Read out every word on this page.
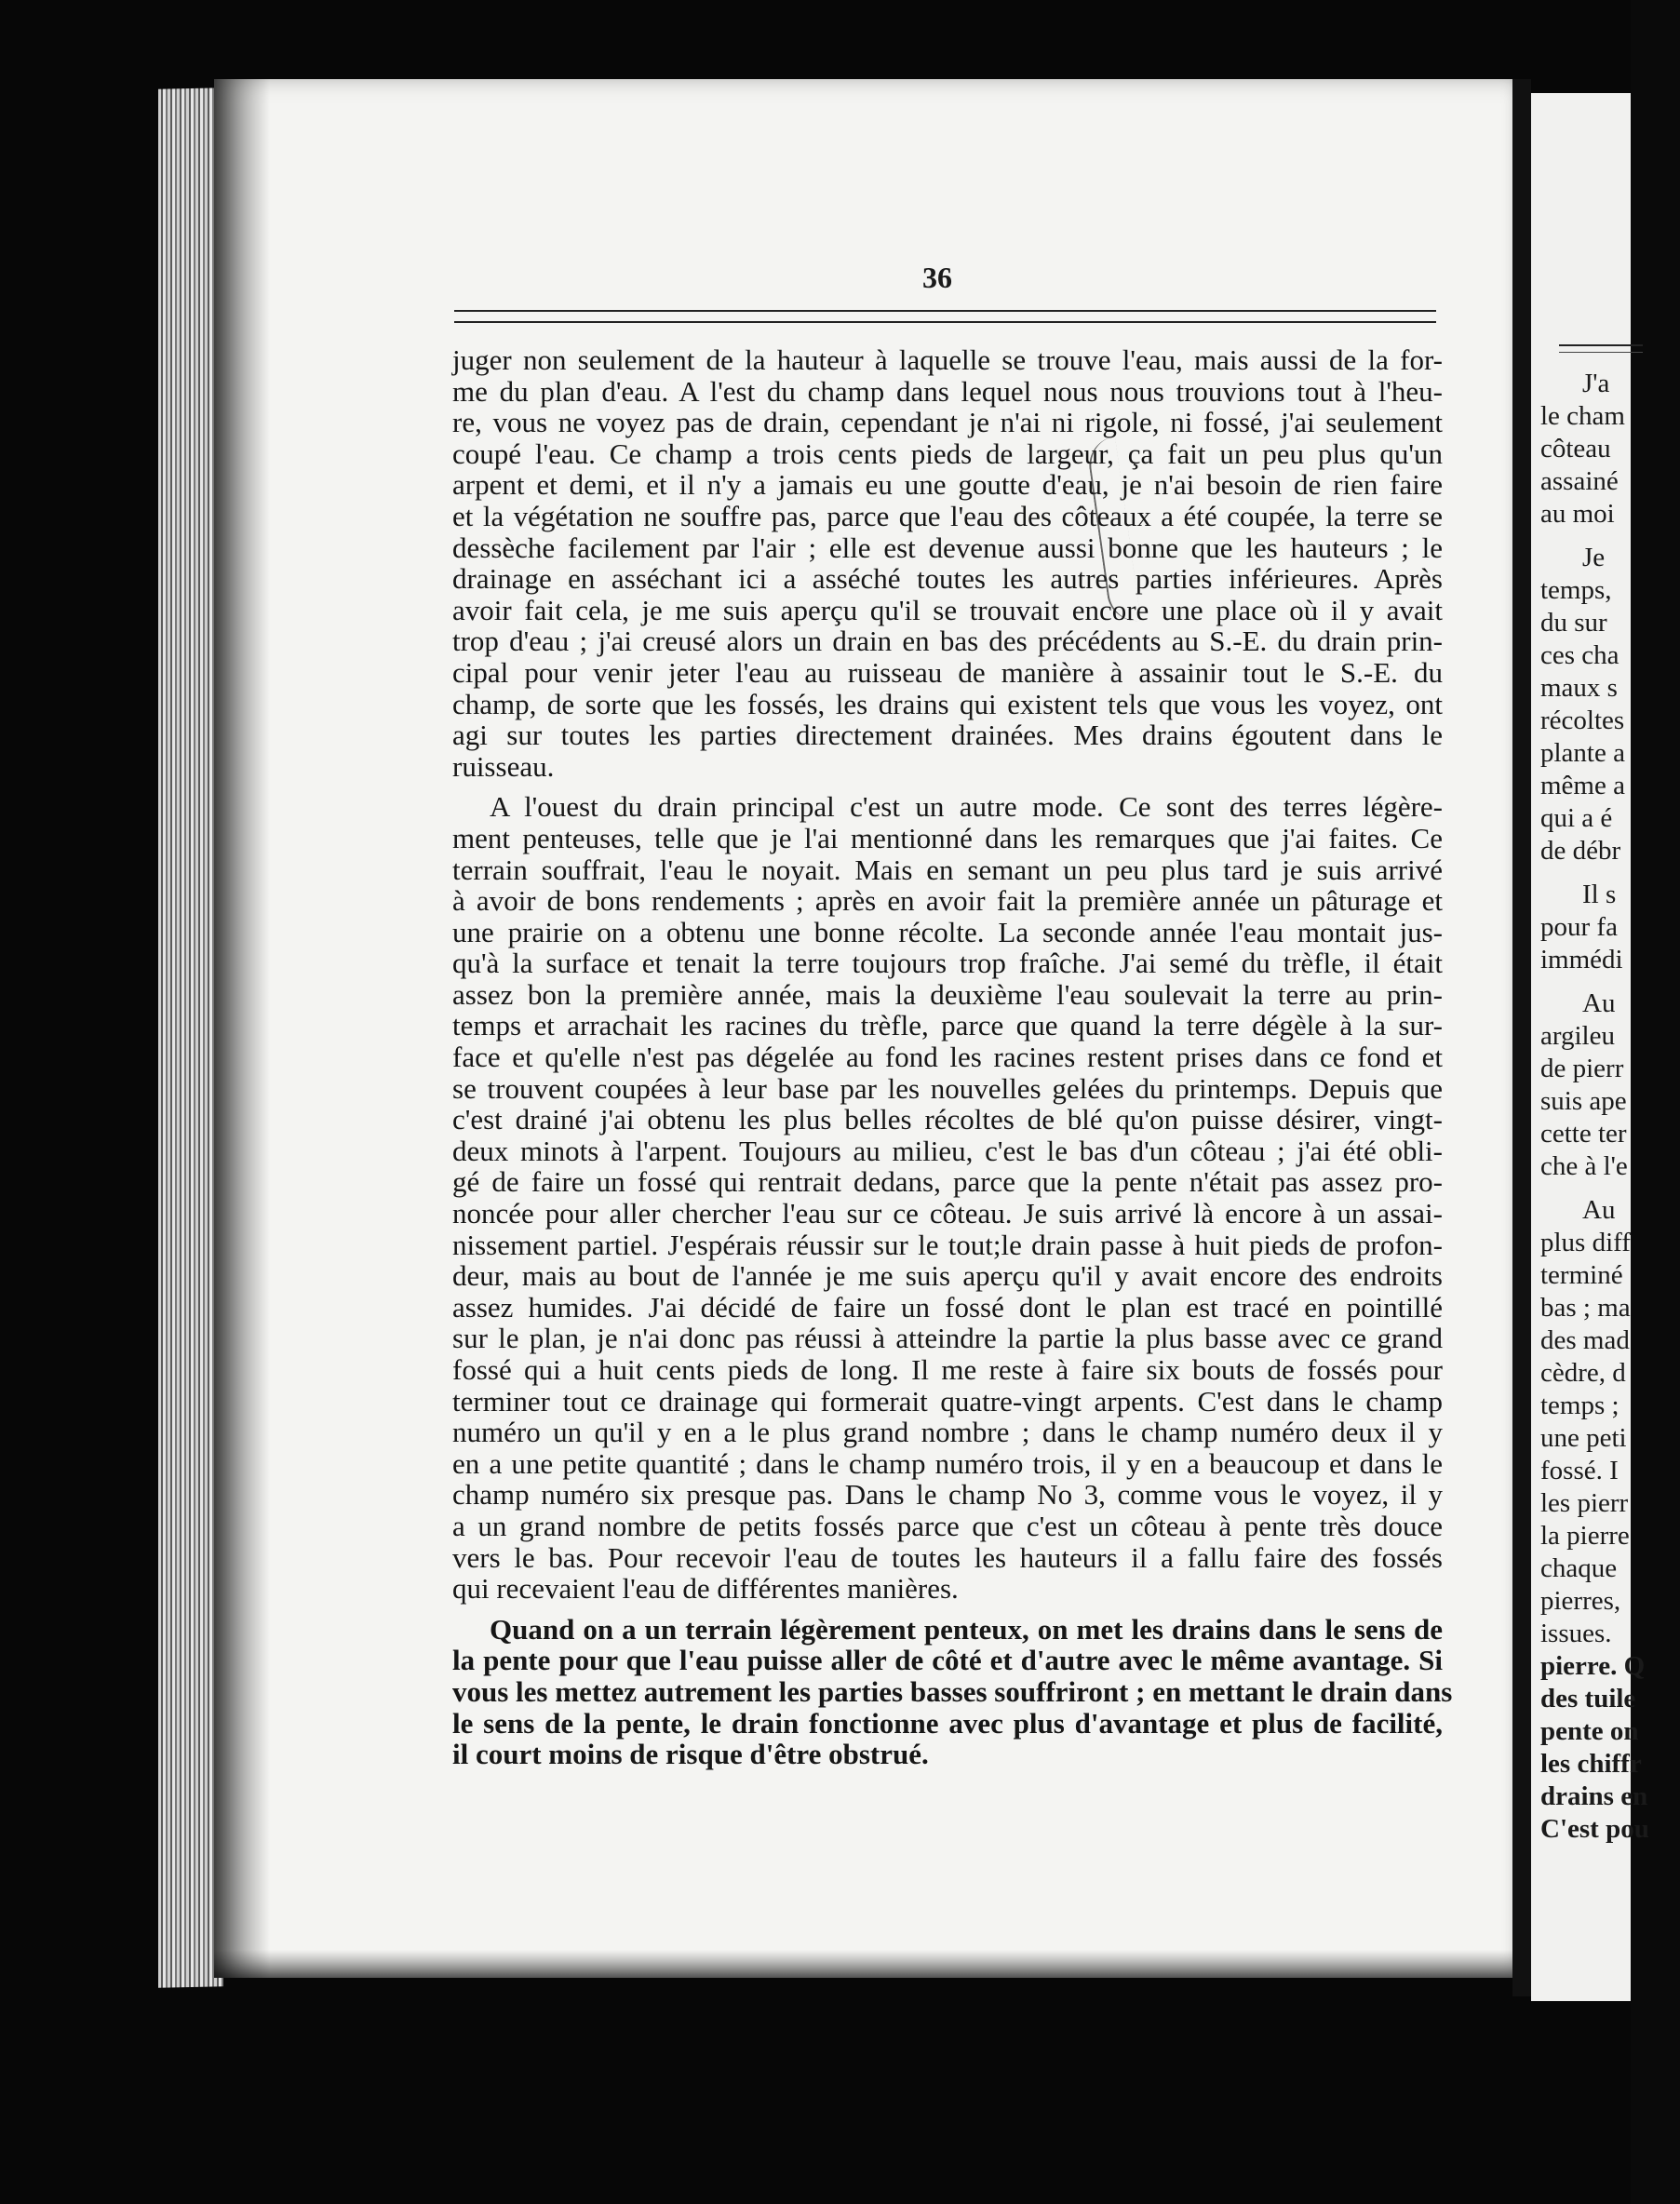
J'a
le cham
côteau
assainé
au moi
Je
temps,
du sur
ces cha
maux s
récoltes
plante a
même a
qui a é
de débr
Il s
pour fa
immédi
Au
argileu
de pierr
suis ape
cette ter
che à l'e
Au
plus diff
terminé
bas ; ma
des mad
cèdre, d
temps ;
une peti
fossé. I
les pierr
la pierre
chaque
pierres,
issues.
pierre. Q
des tuile
pente on
les chiffr
drains en
C'est pou
36
juger non seulement de la hauteur à laquelle se trouve l'eau, mais aussi de la for-
me du plan d'eau. A l'est du champ dans lequel nous nous trouvions tout à l'heu-
re, vous ne voyez pas de drain, cependant je n'ai ni rigole, ni fossé, j'ai seulement
coupé l'eau. Ce champ a trois cents pieds de largeur, ça fait un peu plus qu'un
arpent et demi, et il n'y a jamais eu une goutte d'eau, je n'ai besoin de rien faire
et la végétation ne souffre pas, parce que l'eau des côteaux a été coupée, la terre se
dessèche facilement par l'air ; elle est devenue aussi bonne que les hauteurs ; le
drainage en asséchant ici a asséché toutes les autres parties inférieures. Après
avoir fait cela, je me suis aperçu qu'il se trouvait encore une place où il y avait
trop d'eau ; j'ai creusé alors un drain en bas des précédents au S.-E. du drain prin-
cipal pour venir jeter l'eau au ruisseau de manière à assainir tout le S.-E. du
champ, de sorte que les fossés, les drains qui existent tels que vous les voyez, ont
agi sur toutes les parties directement drainées. Mes drains égoutent dans le
ruisseau.
A l'ouest du drain principal c'est un autre mode. Ce sont des terres légère-
ment penteuses, telle que je l'ai mentionné dans les remarques que j'ai faites. Ce
terrain souffrait, l'eau le noyait. Mais en semant un peu plus tard je suis arrivé
à avoir de bons rendements ; après en avoir fait la première année un pâturage et
une prairie on a obtenu une bonne récolte. La seconde année l'eau montait jus-
qu'à la surface et tenait la terre toujours trop fraîche. J'ai semé du trèfle, il était
assez bon la première année, mais la deuxième l'eau soulevait la terre au prin-
temps et arrachait les racines du trèfle, parce que quand la terre dégèle à la sur-
face et qu'elle n'est pas dégelée au fond les racines restent prises dans ce fond et
se trouvent coupées à leur base par les nouvelles gelées du printemps. Depuis que
c'est drainé j'ai obtenu les plus belles récoltes de blé qu'on puisse désirer, vingt-
deux minots à l'arpent. Toujours au milieu, c'est le bas d'un côteau ; j'ai été obli-
gé de faire un fossé qui rentrait dedans, parce que la pente n'était pas assez pro-
noncée pour aller chercher l'eau sur ce côteau. Je suis arrivé là encore à un assai-
nissement partiel. J'espérais réussir sur le tout;le drain passe à huit pieds de profon-
deur, mais au bout de l'année je me suis aperçu qu'il y avait encore des endroits
assez humides. J'ai décidé de faire un fossé dont le plan est tracé en pointillé
sur le plan, je n'ai donc pas réussi à atteindre la partie la plus basse avec ce grand
fossé qui a huit cents pieds de long. Il me reste à faire six bouts de fossés pour
terminer tout ce drainage qui formerait quatre-vingt arpents. C'est dans le champ
numéro un qu'il y en a le plus grand nombre ; dans le champ numéro deux il y
en a une petite quantité ; dans le champ numéro trois, il y en a beaucoup et dans le
champ numéro six presque pas. Dans le champ No 3, comme vous le voyez, il y
a un grand nombre de petits fossés parce que c'est un côteau à pente très douce
vers le bas. Pour recevoir l'eau de toutes les hauteurs il a fallu faire des fossés
qui recevaient l'eau de différentes manières.
Quand on a un terrain légèrement penteux, on met les drains dans le sens de
la pente pour que l'eau puisse aller de côté et d'autre avec le même avantage. Si
vous les mettez autrement les parties basses souffriront ; en mettant le drain dans
le sens de la pente, le drain fonctionne avec plus d'avantage et plus de facilité,
il court moins de risque d'être obstrué.
